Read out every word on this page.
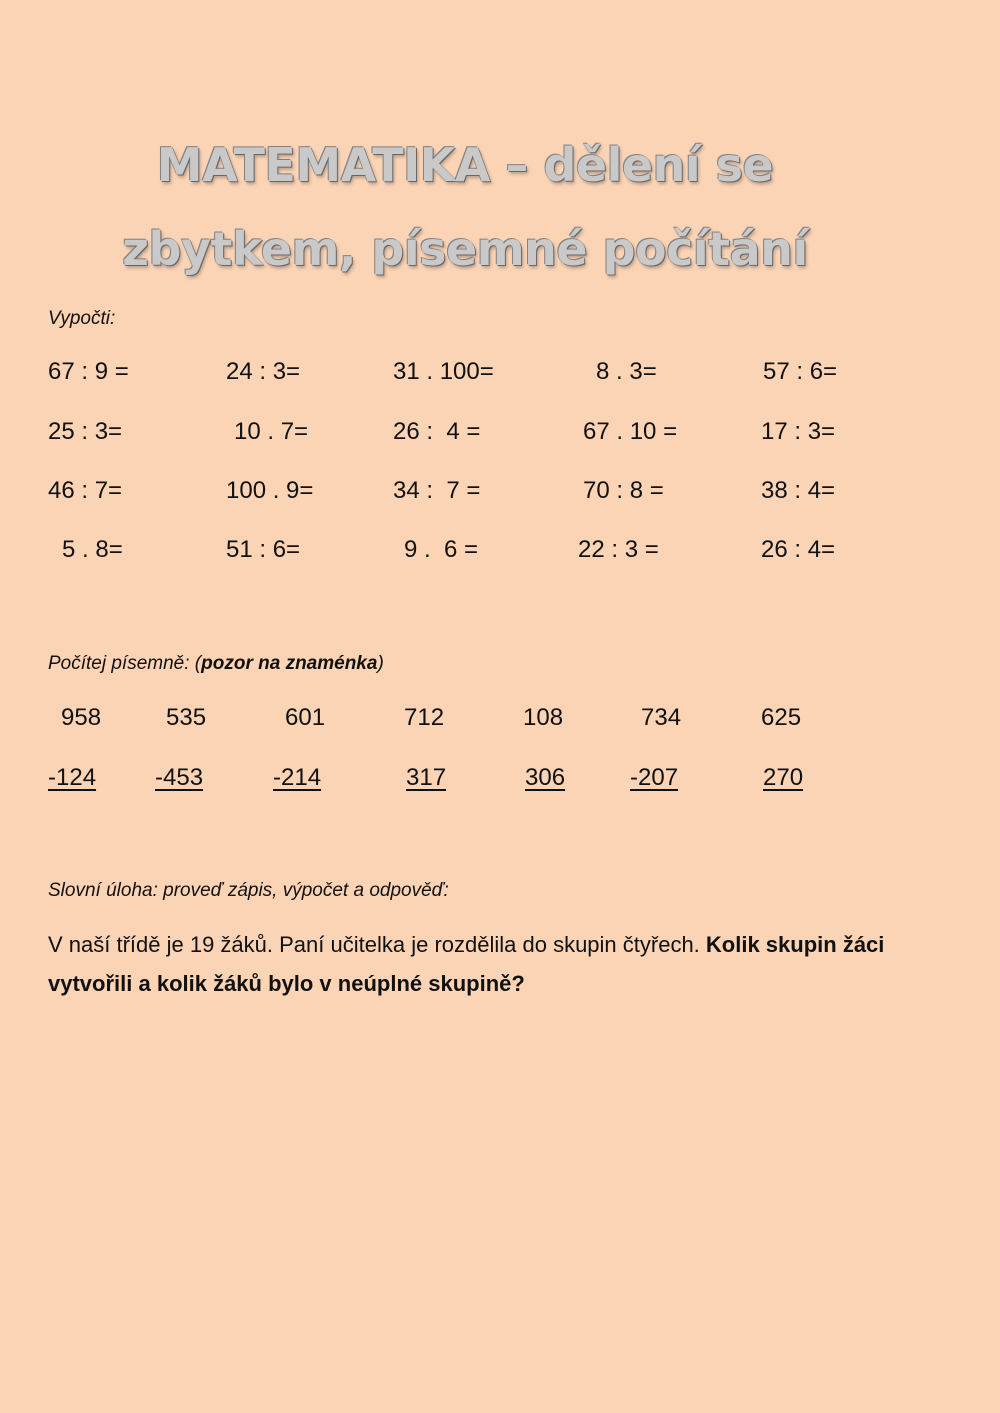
MATEMATIKA – dělení se
zbytkem, písemné počítání

Vypočti:

67 : 9 =	24 : 3=	31 . 100=	8 . 3=	57 : 6=

25 : 3=	10 . 7=	26 :  4 =	67 . 10 =	17 : 3=

46 : 7=	100 . 9=	34 :  7 =	70 : 8 =	38 : 4=

5 . 8=	51 : 6=	9 .  6 =	22 : 3 =	26 : 4=

Počítej písemně: (pozor na znaménka)

958	535	601	712	108	734	625
-124 -453	-214	317	306	-207	270

Slovní úloha: proveď zápis, výpočet a odpověď:

V naší třídě je 19 žáků. Paní učitelka je rozdělila do skupin čtyřech. Kolik skupin žáci vytvořili a kolik žáků bylo v neúplné skupině?
